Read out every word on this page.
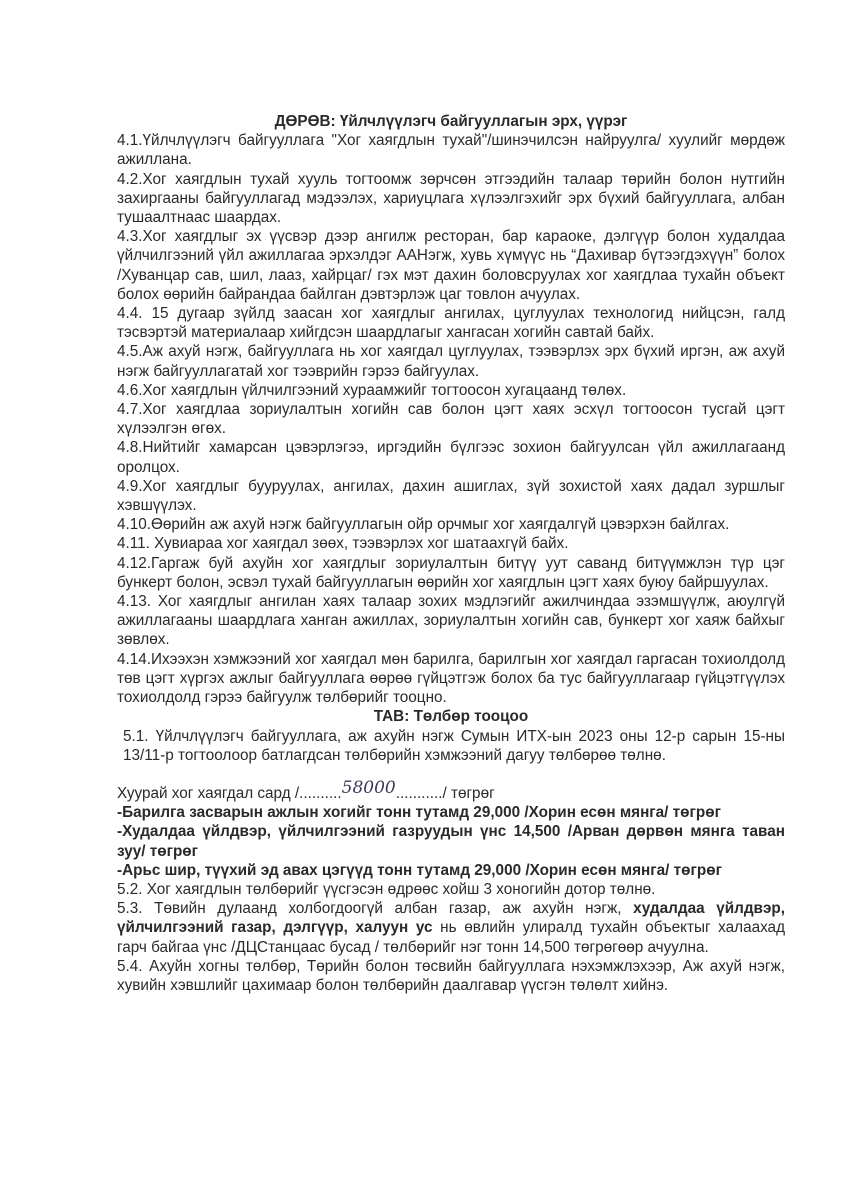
ДӨРӨВ: Үйлчлүүлэгч байгууллагын эрх, үүрэг

4.1.Үйлчлүүлэгч байгууллага "Хог хаягдлын тухай"/шинэчилсэн найруулга/ хуулийг мөрдөж ажиллана.

4.2.Хог хаягдлын тухай хууль тогтоомж зөрчсөн этгээдийн талаар төрийн болон нутгийн захиргааны байгууллагад мэдээлэх, хариуцлага хүлээлгэхийг эрх бүхий байгууллага, албан тушаалтнаас шаардах.

4.3.Хог хаягдлыг эх үүсвэр дээр ангилж ресторан, бар караоке, дэлгүүр болон худалдаа үйлчилгээний үйл ажиллагаа эрхэлдэг ААНэгж, хувь хүмүүс нь “Дахивар бүтээгдэхүүн” болох /Хуванцар сав, шил, лааз, хайрцаг/ гэх мэт дахин боловсруулах хог хаягдлаа тухайн объект болох өөрийн байрандаа байлган дэвтэрлэж цаг товлон ачуулах.

4.4. 15 дугаар зүйлд заасан хог хаягдлыг ангилах, цуглуулах технологид нийцсэн, галд тэсвэртэй материалаар хийгдсэн шаардлагыг хангасан хогийн савтай байх.

4.5.Аж ахуй нэгж, байгууллага нь хог хаягдал цуглуулах, тээвэрлэх эрх бүхий иргэн, аж ахуй нэгж байгууллагатай хог тээврийн гэрээ байгуулах.

4.6.Хог хаягдлын үйлчилгээний хураамжийг тогтоосон хугацаанд төлөх.

4.7.Хог хаягдлаа зориулалтын хогийн сав болон цэгт хаях эсхүл тогтоосон тусгай цэгт хүлээлгэн өгөх.

4.8.Нийтийг хамарсан цэвэрлэгээ, иргэдийн бүлгээс зохион байгуулсан үйл ажиллагаанд оролцох.

4.9.Хог хаягдлыг бууруулах, ангилах, дахин ашиглах, зүй зохистой хаях дадал зуршлыг хэвшүүлэх.

4.10.Өөрийн аж ахуй нэгж байгууллагын ойр орчмыг хог хаягдалгүй цэвэрхэн байлгах.

4.11. Хувиараа хог хаягдал зөөх, тээвэрлэх хог шатаахгүй байх.

4.12.Гаргаж буй ахуйн хог хаягдлыг зориулалтын битүү уут саванд битүүмжлэн түр цэг бункерт болон, эсвэл тухай байгууллагын өөрийн хог хаягдлын цэгт хаях буюу байршуулах.

4.13. Хог хаягдлыг ангилан хаях талаар зохих мэдлэгийг ажилчиндаа эзэмшүүлж, аюулгүй ажиллагааны шаардлага ханган ажиллах, зориулалтын хогийн сав, бункерт хог хаяж байхыг зөвлөх.

4.14.Ихээхэн хэмжээний хог хаягдал мөн барилга, барилгын хог хаягдал гаргасан тохиолдолд төв цэгт хүргэх ажлыг байгууллага өөрөө гүйцэтгэж болох ба тус байгууллагаар гүйцэтгүүлэх тохиолдолд гэрээ байгуулж төлбөрийг тооцно.

ТАВ: Төлбөр тооцоо

5.1. Үйлчлүүлэгч байгууллага, аж ахуйн нэгж Сумын ИТХ-ын 2023 оны 12-р сарын 15-ны 13/11-р тогтоолоор батлагдсан төлбөрийн хэмжээний дагуу төлбөрөө төлнө.

Хуурай хог хаягдал сард /..........58000.........../ төгрөг

-Барилга засварын ажлын хогийг тонн тутамд 29,000 /Хорин есөн мянга/ төгрөг

-Худалдаа үйлдвэр, үйлчилгээний газруудын үнс 14,500 /Арван дөрвөн мянга таван зуу/ төгрөг

-Арьс шир, түүхий эд авах цэгүүд тонн тутамд 29,000 /Хорин есөн мянга/ төгрөг

5.2. Хог хаягдлын төлбөрийг үүсгэсэн өдрөөс хойш 3 хоногийн дотор төлнө.

5.3. Төвийн дулаанд холбогдоогүй албан газар, аж ахуйн нэгж, худалдаа үйлдвэр, үйлчилгээний газар, дэлгүүр, халуун ус нь өвлийн улиралд тухайн объектыг халаахад гарч байгаа үнс /ДЦСтанцаас бусад / төлбөрийг нэг тонн 14,500 төгрөгөөр ачуулна.

5.4. Ахуйн хогны төлбөр, Төрийн болон төсвийн байгууллага нэхэмжлэхээр, Аж ахуй нэгж, хувийн хэвшлийг цахимаар болон төлбөрийн даалгавар үүсгэн төлөлт хийнэ.
